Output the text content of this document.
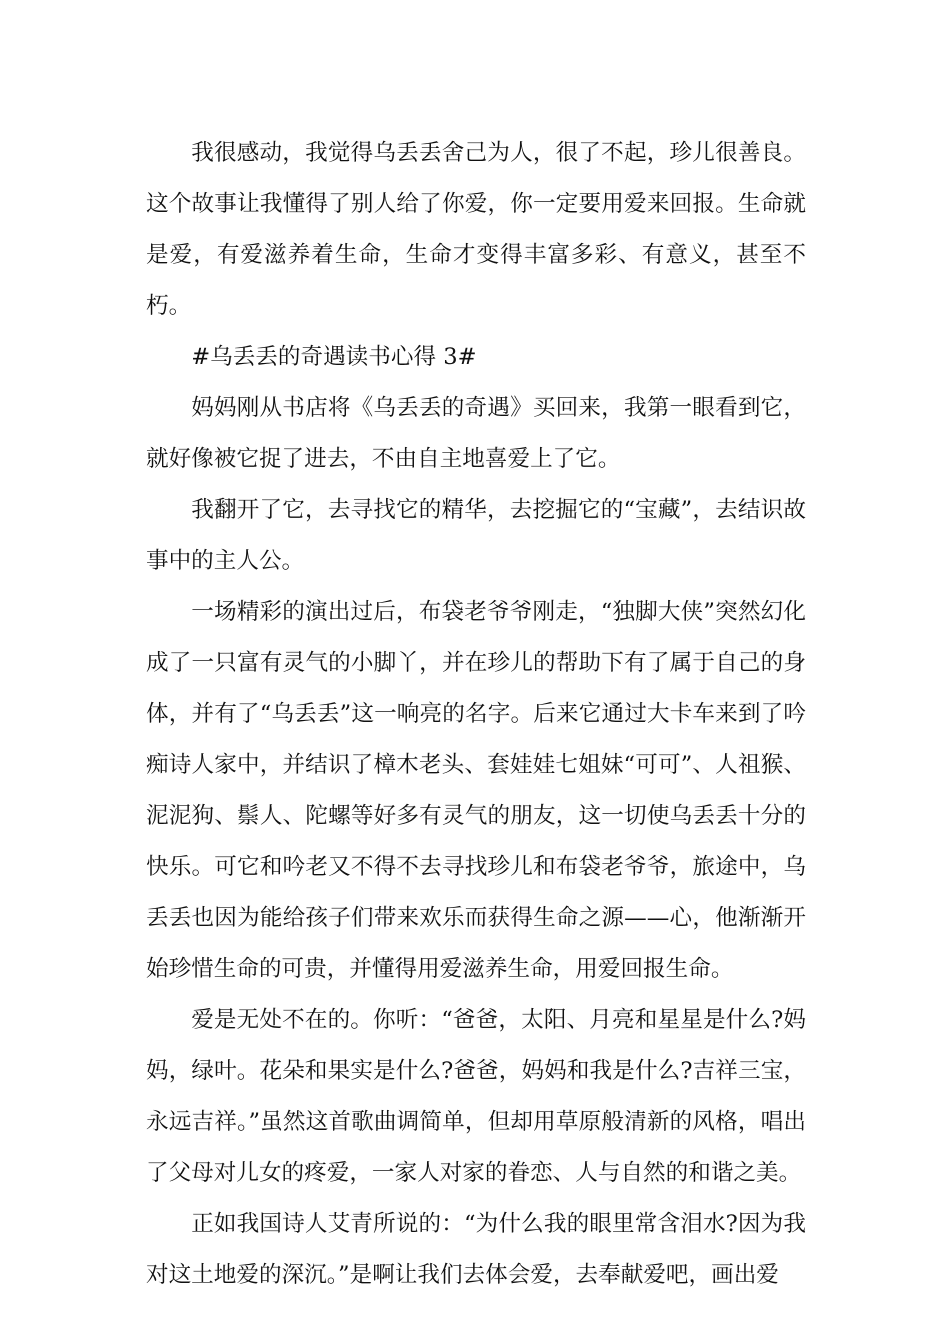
我很感动，我觉得乌丢丢舍己为人，很了不起，珍儿很善良。这个故事让我懂得了别人给了你爱，你一定要用爱来回报。生命就是爱，有爱滋养着生命，生命才变得丰富多彩、有意义，甚至不朽。

#乌丢丢的奇遇读书心得 3#

妈妈刚从书店将《乌丢丢的奇遇》买回来，我第一眼看到它，就好像被它捉了进去，不由自主地喜爱上了它。

我翻开了它，去寻找它的精华，去挖掘它的“宝藏”，去结识故事中的主人公。

一场精彩的演出过后，布袋老爷爷刚走，“独脚大侠”突然幻化成了一只富有灵气的小脚丫，并在珍儿的帮助下有了属于自己的身体，并有了“乌丢丢”这一响亮的名字。后来它通过大卡车来到了吟痴诗人家中，并结识了樟木老头、套娃娃七姐妹“可可”、人祖猴、泥泥狗、鬃人、陀螺等好多有灵气的朋友，这一切使乌丢丢十分的快乐。可它和吟老又不得不去寻找珍儿和布袋老爷爷，旅途中，乌丢丢也因为能给孩子们带来欢乐而获得生命之源——心，他渐渐开始珍惜生命的可贵，并懂得用爱滋养生命，用爱回报生命。

爱是无处不在的。你听：“爸爸，太阳、月亮和星星是什么?妈妈，绿叶。花朵和果实是什么?爸爸，妈妈和我是什么?吉祥三宝，永远吉祥。”虽然这首歌曲调简单，但却用草原般清新的风格，唱出了父母对儿女的疼爱，一家人对家的眷恋、人与自然的和谐之美。

正如我国诗人艾青所说的：“为什么我的眼里常含泪水?因为我对这土地爱的深沉。”是啊让我们去体会爱，去奉献爱吧，画出爱
